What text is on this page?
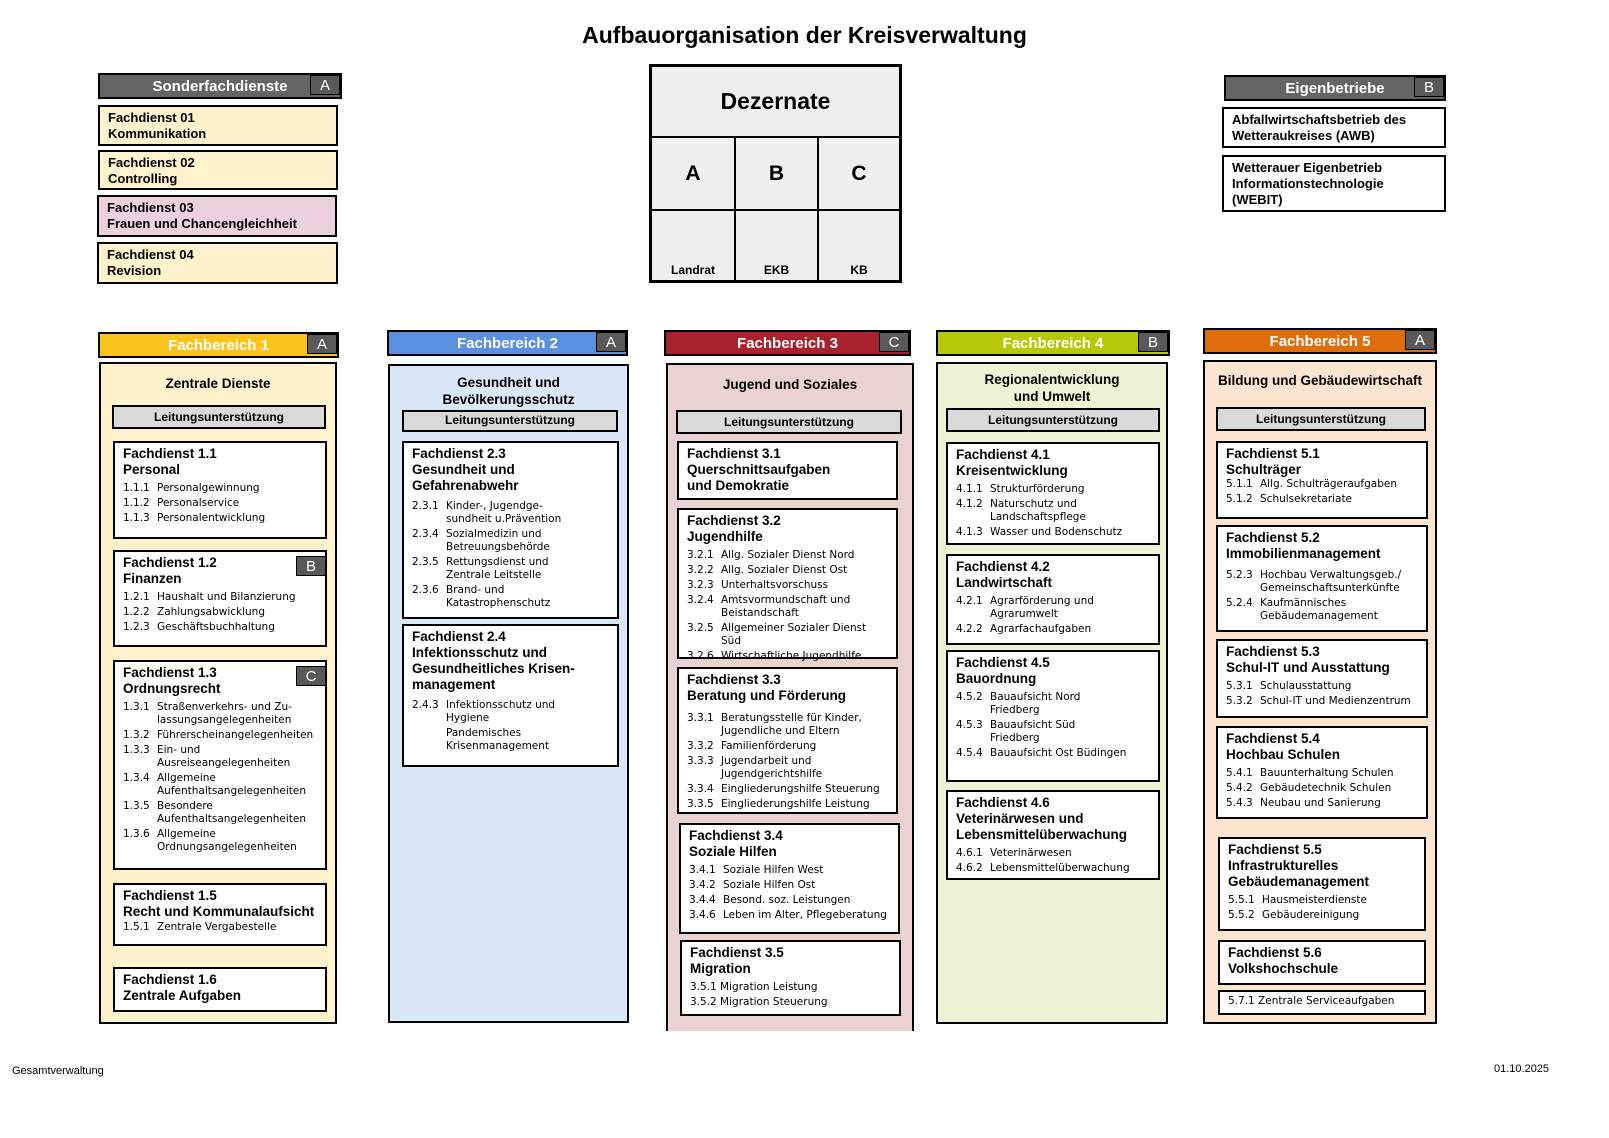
Aufbauorganisation der Kreisverwaltung
Sonderfachdienste	A
Fachdienst 01
Kommunikation
Fachdienst 02
Controlling
Fachdienst 03
Frauen und Chancengleichheit
Fachdienst 04
Revision
Dezernate
A	B	C
Landrat	EKB	KB
Eigenbetriebe	B
Abfallwirtschaftsbetrieb des Wetteraukreises (AWB)
Wetterauer Eigenbetrieb Informationstechnologie (WEBIT)
Fachbereich 1	A
Zentrale Dienste
Leitungsunterstützung
Fachdienst 1.1
Personal
1.1.1 Personalgewinnung
1.1.2 Personalservice
1.1.3 Personalentwicklung
B
Fachdienst 1.2
Finanzen
1.2.1 Haushalt und Bilanzierung
1.2.2 Zahlungsabwicklung
1.2.3 Geschäftsbuchhaltung
C
Fachdienst 1.3
Ordnungsrecht
1.3.1 Straßenverkehrs- und Zu-
lassungsangelegenheiten
1.3.2 Führerscheinangelegenheiten
1.3.3 Ein- und
Ausreiseangelegenheiten
1.3.4 Allgemeine
Aufenthaltsangelegenheiten
1.3.5 Besondere
Aufenthaltsangelegenheiten
1.3.6 Allgemeine
Ordnungsangelegenheiten
Fachdienst 1.5
Recht und Kommunalaufsicht
1.5.1 Zentrale Vergabestelle
Fachdienst 1.6
Zentrale Aufgaben
Fachbereich 2	A
Gesundheit und
Bevölkerungsschutz
Leitungsunterstützung
Fachdienst 2.3
Gesundheit und
Gefahrenabwehr
2.3.1 Kinder-, Jugendge-
sundheit u.Prävention
2.3.4 Sozialmedizin und
Betreuungsbehörde
2.3.5 Rettungsdienst und
Zentrale Leitstelle
2.3.6 Brand- und
Katastrophenschutz
Fachdienst 2.4
Infektionsschutz und
Gesundheitliches Krisen-
management
2.4.3 Infektionsschutz und
Hygiene
Pandemisches
Krisenmanagement
Fachbereich 3	C
Jugend und Soziales
Leitungsunterstützung
Fachdienst 3.1
Querschnittsaufgaben
und Demokratie
Fachdienst 3.2
Jugendhilfe
3.2.1 Allg. Sozialer Dienst Nord
3.2.2 Allg. Sozialer Dienst Ost
3.2.3 Unterhaltsvorschuss
3.2.4 Amtsvormundschaft und
Beistandschaft
3.2.5 Allgemeiner Sozialer Dienst Süd
3.2.6 Wirtschaftliche Jugendhilfe
Fachdienst 3.3
Beratung und Förderung
3.3.1 Beratungsstelle für Kinder,
Jugendliche und Eltern
3.3.2 Familienförderung
3.3.3 Jugendarbeit und
Jugendgerichtshilfe
3.3.4 Eingliederungshilfe Steuerung
3.3.5 Eingliederungshilfe Leistung
Fachdienst 3.4
Soziale Hilfen
3.4.1 Soziale Hilfen West
3.4.2 Soziale Hilfen Ost
3.4.4 Besond. soz. Leistungen
3.4.6 Leben im Alter, Pflegeberatung
Fachdienst 3.5
Migration
3.5.1 Migration Leistung
3.5.2 Migration Steuerung
Fachbereich 4	B
Regionalentwicklung
und Umwelt
Leitungsunterstützung
Fachdienst 4.1
Kreisentwicklung
4.1.1 Strukturförderung
4.1.2 Naturschutz und
Landschaftspflege
4.1.3 Wasser und Bodenschutz
Fachdienst 4.2
Landwirtschaft
4.2.1 Agrarförderung und
Agrarumwelt
4.2.2 Agrarfachaufgaben
Fachdienst 4.5
Bauordnung
4.5.2 Bauaufsicht Nord
Friedberg
4.5.3 Bauaufsicht Süd
Friedberg
4.5.4 Bauaufsicht Ost Büdingen
Fachdienst 4.6
Veterinärwesen und
Lebensmittelüberwachung
4.6.1 Veterinärwesen
4.6.2 Lebensmittelüberwachung
Fachbereich 5	A
Bildung und Gebäudewirtschaft
Leitungsunterstützung
Fachdienst 5.1
Schulträger
5.1.1 Allg. Schulträgeraufgaben
5.1.2 Schulsekretariate
Fachdienst 5.2
Immobilienmanagement
5.2.3 Hochbau Verwaltungsgeb./
Gemeinschaftsunterkünfte
5.2.4 Kaufmännisches
Gebäudemanagement
Fachdienst 5.3
Schul-IT und Ausstattung
5.3.1 Schulausstattung
5.3.2 Schul-IT und Medienzentrum
Fachdienst 5.4
Hochbau Schulen
5.4.1 Bauunterhaltung Schulen
5.4.2 Gebäudetechnik Schulen
5.4.3 Neubau und Sanierung
Fachdienst 5.5
Infrastrukturelles
Gebäudemanagement
5.5.1 Hausmeisterdienste
5.5.2 Gebäudereinigung
Fachdienst 5.6
Volkshochschule
5.7.1 Zentrale Serviceaufgaben
Gesamtverwaltung	01.10.2025
